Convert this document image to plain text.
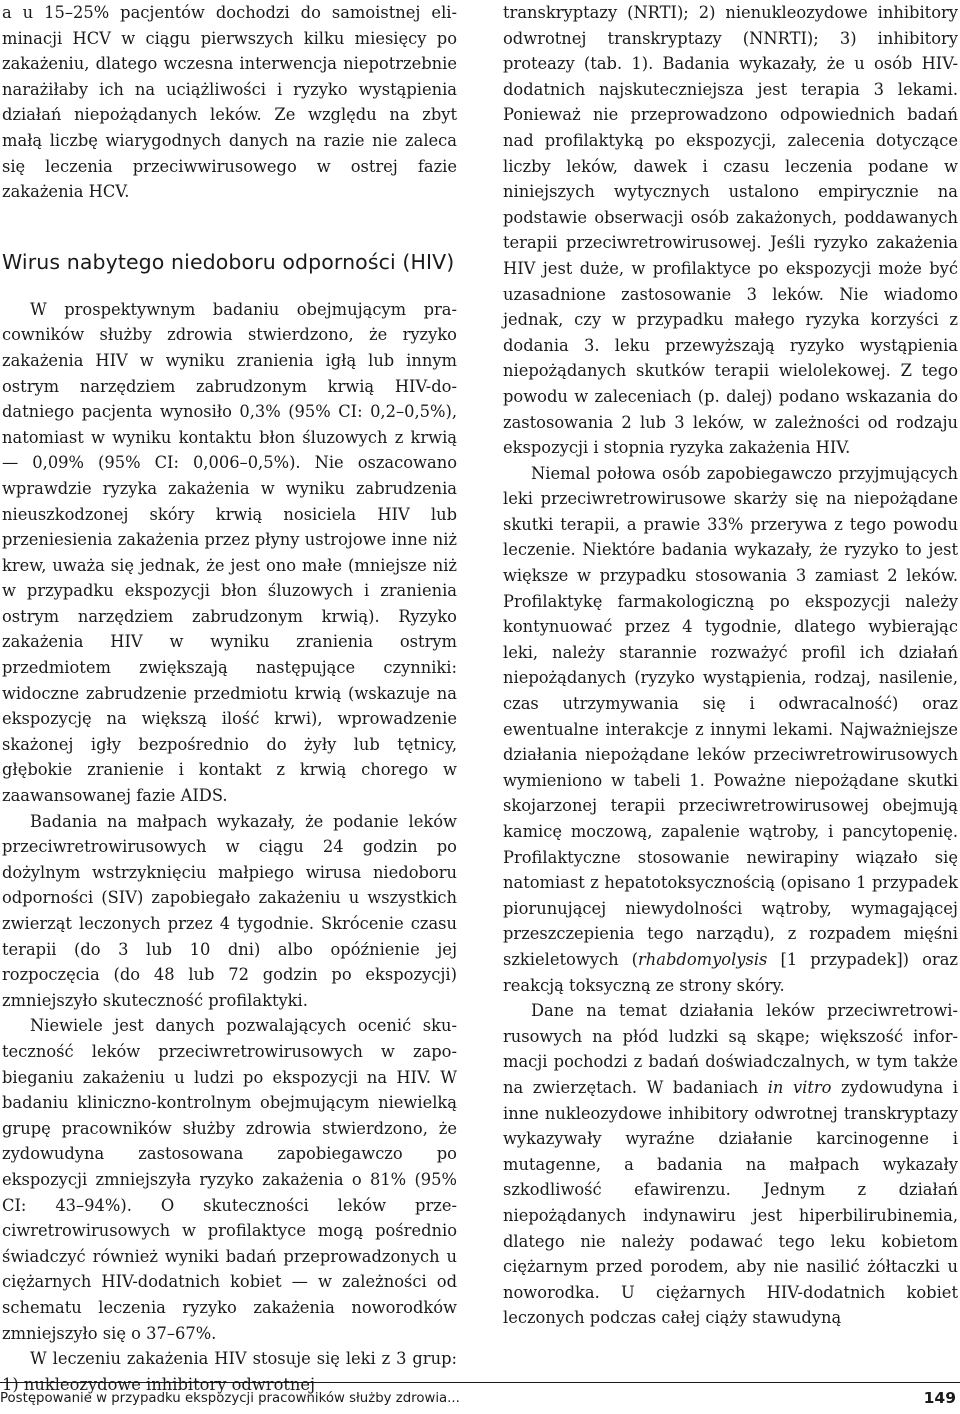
a u 15–25% pacjentów dochodzi do samoistnej eliminacji HCV w ciągu pierwszych kilku miesięcy po zakażeniu, dlatego wczesna interwencja niepotrzebnie narażiłaby ich na uciążliwości i ryzyko wystąpienia działań niepożądanych leków. Ze względu na zbyt małą liczbę wiarygodnych danych na razie nie zaleca się leczenia przeciwwirusowego w ostrej fazie zakażenia HCV.

Wirus nabytego niedoboru odporności (HIV)

W prospektywnym badaniu obejmującym pracowników służby zdrowia stwierdzono, że ryzyko zakażenia HIV w wyniku zranienia igłą lub innym ostrym narzędziem zabrudzonym krwią HIV-dodatniego pacjenta wynosiło 0,3% (95% CI: 0,2–0,5%), natomiast w wyniku kontaktu błon śluzowych z krwią — 0,09% (95% CI: 0,006–0,5%). Nie oszacowano wprawdzie ryzyka zakażenia w wyniku zabrudzenia nieuszkodzonej skóry krwią nosiciela HIV lub przeniesienia zakażenia przez płyny ustrojowe inne niż krew, uważa się jednak, że jest ono małe (mniejsze niż w przypadku ekspozycji błon śluzowych i zranienia ostrym narzędziem zabrudzonym krwią). Ryzyko zakażenia HIV w wyniku zranienia ostrym przedmiotem zwiększają następujące czynniki: widoczne zabrudzenie przedmiotu krwią (wskazuje na ekspozycję na większą ilość krwi), wprowadzenie skażonej igły bezpośrednio do żyły lub tętnicy, głębokie zranienie i kontakt z krwią chorego w zaawansowanej fazie AIDS.

Badania na małpach wykazały, że podanie leków przeciwretrowirusowych w ciągu 24 godzin po dożylnym wstrzyknięciu małpiego wirusa niedoboru odporności (SIV) zapobiegało zakażeniu u wszystkich zwierząt leczonych przez 4 tygodnie. Skrócenie czasu terapii (do 3 lub 10 dni) albo opóźnienie jej rozpoczęcia (do 48 lub 72 godzin po ekspozycji) zmniejszyło skuteczność profilaktyki.

Niewiele jest danych pozwalających ocenić skuteczność leków przeciwretrowirusowych w zapobieganiu zakażeniu u ludzi po ekspozycji na HIV. W badaniu kliniczno-kontrolnym obejmującym niewielką grupę pracowników służby zdrowia stwierdzono, że zydowudyna zastosowana zapobiegawczo po ekspozycji zmniejszyła ryzyko zakażenia o 81% (95% CI: 43–94%). O skuteczności leków przeciwretrowirusowych w profilaktyce mogą pośrednio świadczyć również wyniki badań przeprowadzonych u ciężarnych HIV-dodatnich kobiet — w zależności od schematu leczenia ryzyko zakażenia noworodków zmniejszyło się o 37–67%.

W leczeniu zakażenia HIV stosuje się leki z 3 grup: 1) nukleozydowe inhibitory odwrotnej

transkryptazy (NRTI); 2) nienukleozydowe inhibitory odwrotnej transkryptazy (NNRTI); 3) inhibitory proteazy (tab. 1). Badania wykazały, że u osób HIV-dodatnich najskuteczniejsza jest terapia 3 lekami. Ponieważ nie przeprowadzono odpowiednich badań nad profilaktyką po ekspozycji, zalecenia dotyczące liczby leków, dawek i czasu leczenia podane w niniejszych wytycznych ustalono empirycznie na podstawie obserwacji osób zakażonych, poddawanych terapii przeciwretrowirusowej. Jeśli ryzyko zakażenia HIV jest duże, w profilaktyce po ekspozycji może być uzasadnione zastosowanie 3 leków. Nie wiadomo jednak, czy w przypadku małego ryzyka korzyści z dodania 3. leku przewyższają ryzyko wystąpienia niepożądanych skutków terapii wielolekowej. Z tego powodu w zaleceniach (p. dalej) podano wskazania do zastosowania 2 lub 3 leków, w zależności od rodzaju ekspozycji i stopnia ryzyka zakażenia HIV.

Niemal połowa osób zapobiegawczo przyjmujących leki przeciwretrowirusowe skarży się na niepożądane skutki terapii, a prawie 33% przerywa z tego powodu leczenie. Niektóre badania wykazały, że ryzyko to jest większe w przypadku stosowania 3 zamiast 2 leków. Profilaktykę farmakologiczną po ekspozycji należy kontynuować przez 4 tygodnie, dlatego wybierając leki, należy starannie rozważyć profil ich działań niepożądanych (ryzyko wystąpienia, rodzaj, nasilenie, czas utrzymywania się i odwracalność) oraz ewentualne interakcje z innymi lekami. Najważniejsze działania niepożądane leków przeciwretrowirusowych wymieniono w tabeli 1. Poważne niepożądane skutki skojarzonej terapii przeciwretrowirusowej obejmują kamicę moczową, zapalenie wątroby, i pancytopenię. Profilaktyczne stosowanie newirapiny wiązało się natomiast z hepatotoksycznością (opisano 1 przypadek piorunującej niewydolności wątroby, wymagającej przeszczepienia tego narządu), z rozpadem mięśni szkieletowych (rhabdomyolysis [1 przypadek]) oraz reakcją toksyczną ze strony skóry.

Dane na temat działania leków przeciwretrowirusowych na płód ludzki są skąpe; większość informacji pochodzi z badań doświadczalnych, w tym także na zwierzętach. W badaniach in vitro zydowudyna i inne nukleozydowe inhibitory odwrotnej transkryptazy wykazywały wyraźne działanie karcinogenne i mutagenne, a badania na małpach wykazały szkodliwość efawirenzu. Jednym z działań niepożądanych indynawiru jest hiperbilirubinemia, dlatego nie należy podawać tego leku kobietom ciężarnym przed porodem, aby nie nasilić żółtaczki u noworodka. U ciężarnych HIV-dodatnich kobiet leczonych podczas całej ciąży stawudyną

Postępowanie w przypadku ekspozycji pracowników służby zdrowia...	149
